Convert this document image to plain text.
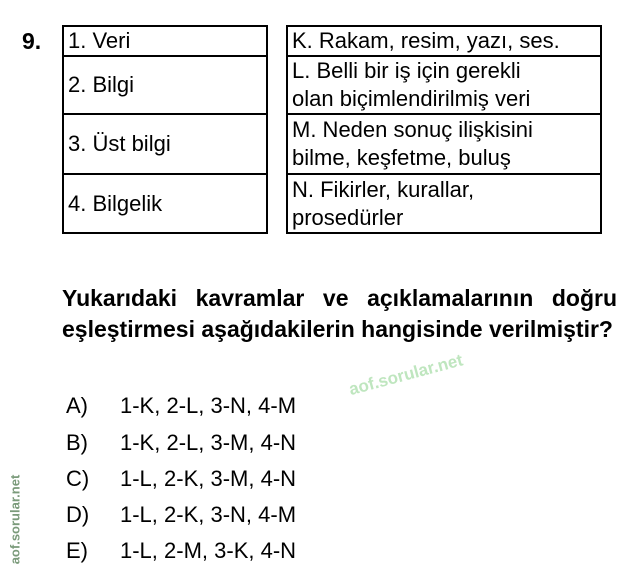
9. 1. Veri
2. Bilgi
3. Üst bilgi
4. Bilgelik
K. Rakam, resim, yazı, ses.

L. Belli bir iş için gerekli
olan biçimlendirilmiş veri

M. Neden sonuç ilişkisini
bilme, keşfetme, buluş

N. Fikirler, kurallar,
prosedürler
Yukarıdaki kavramlar ve açıklamalarının doğru eşleştirmesi aşağıdakilerin hangisinde verilmiştir?
A) 1-K, 2-L, 3-N, 4-M
B) 1-K, 2-L, 3-M, 4-N
C) 1-L, 2-K, 3-M, 4-N
D) 1-L, 2-K, 3-N, 4-M
E) 1-L, 2-M, 3-K, 4-N
aof.sorular.net
aof.sorular.net
